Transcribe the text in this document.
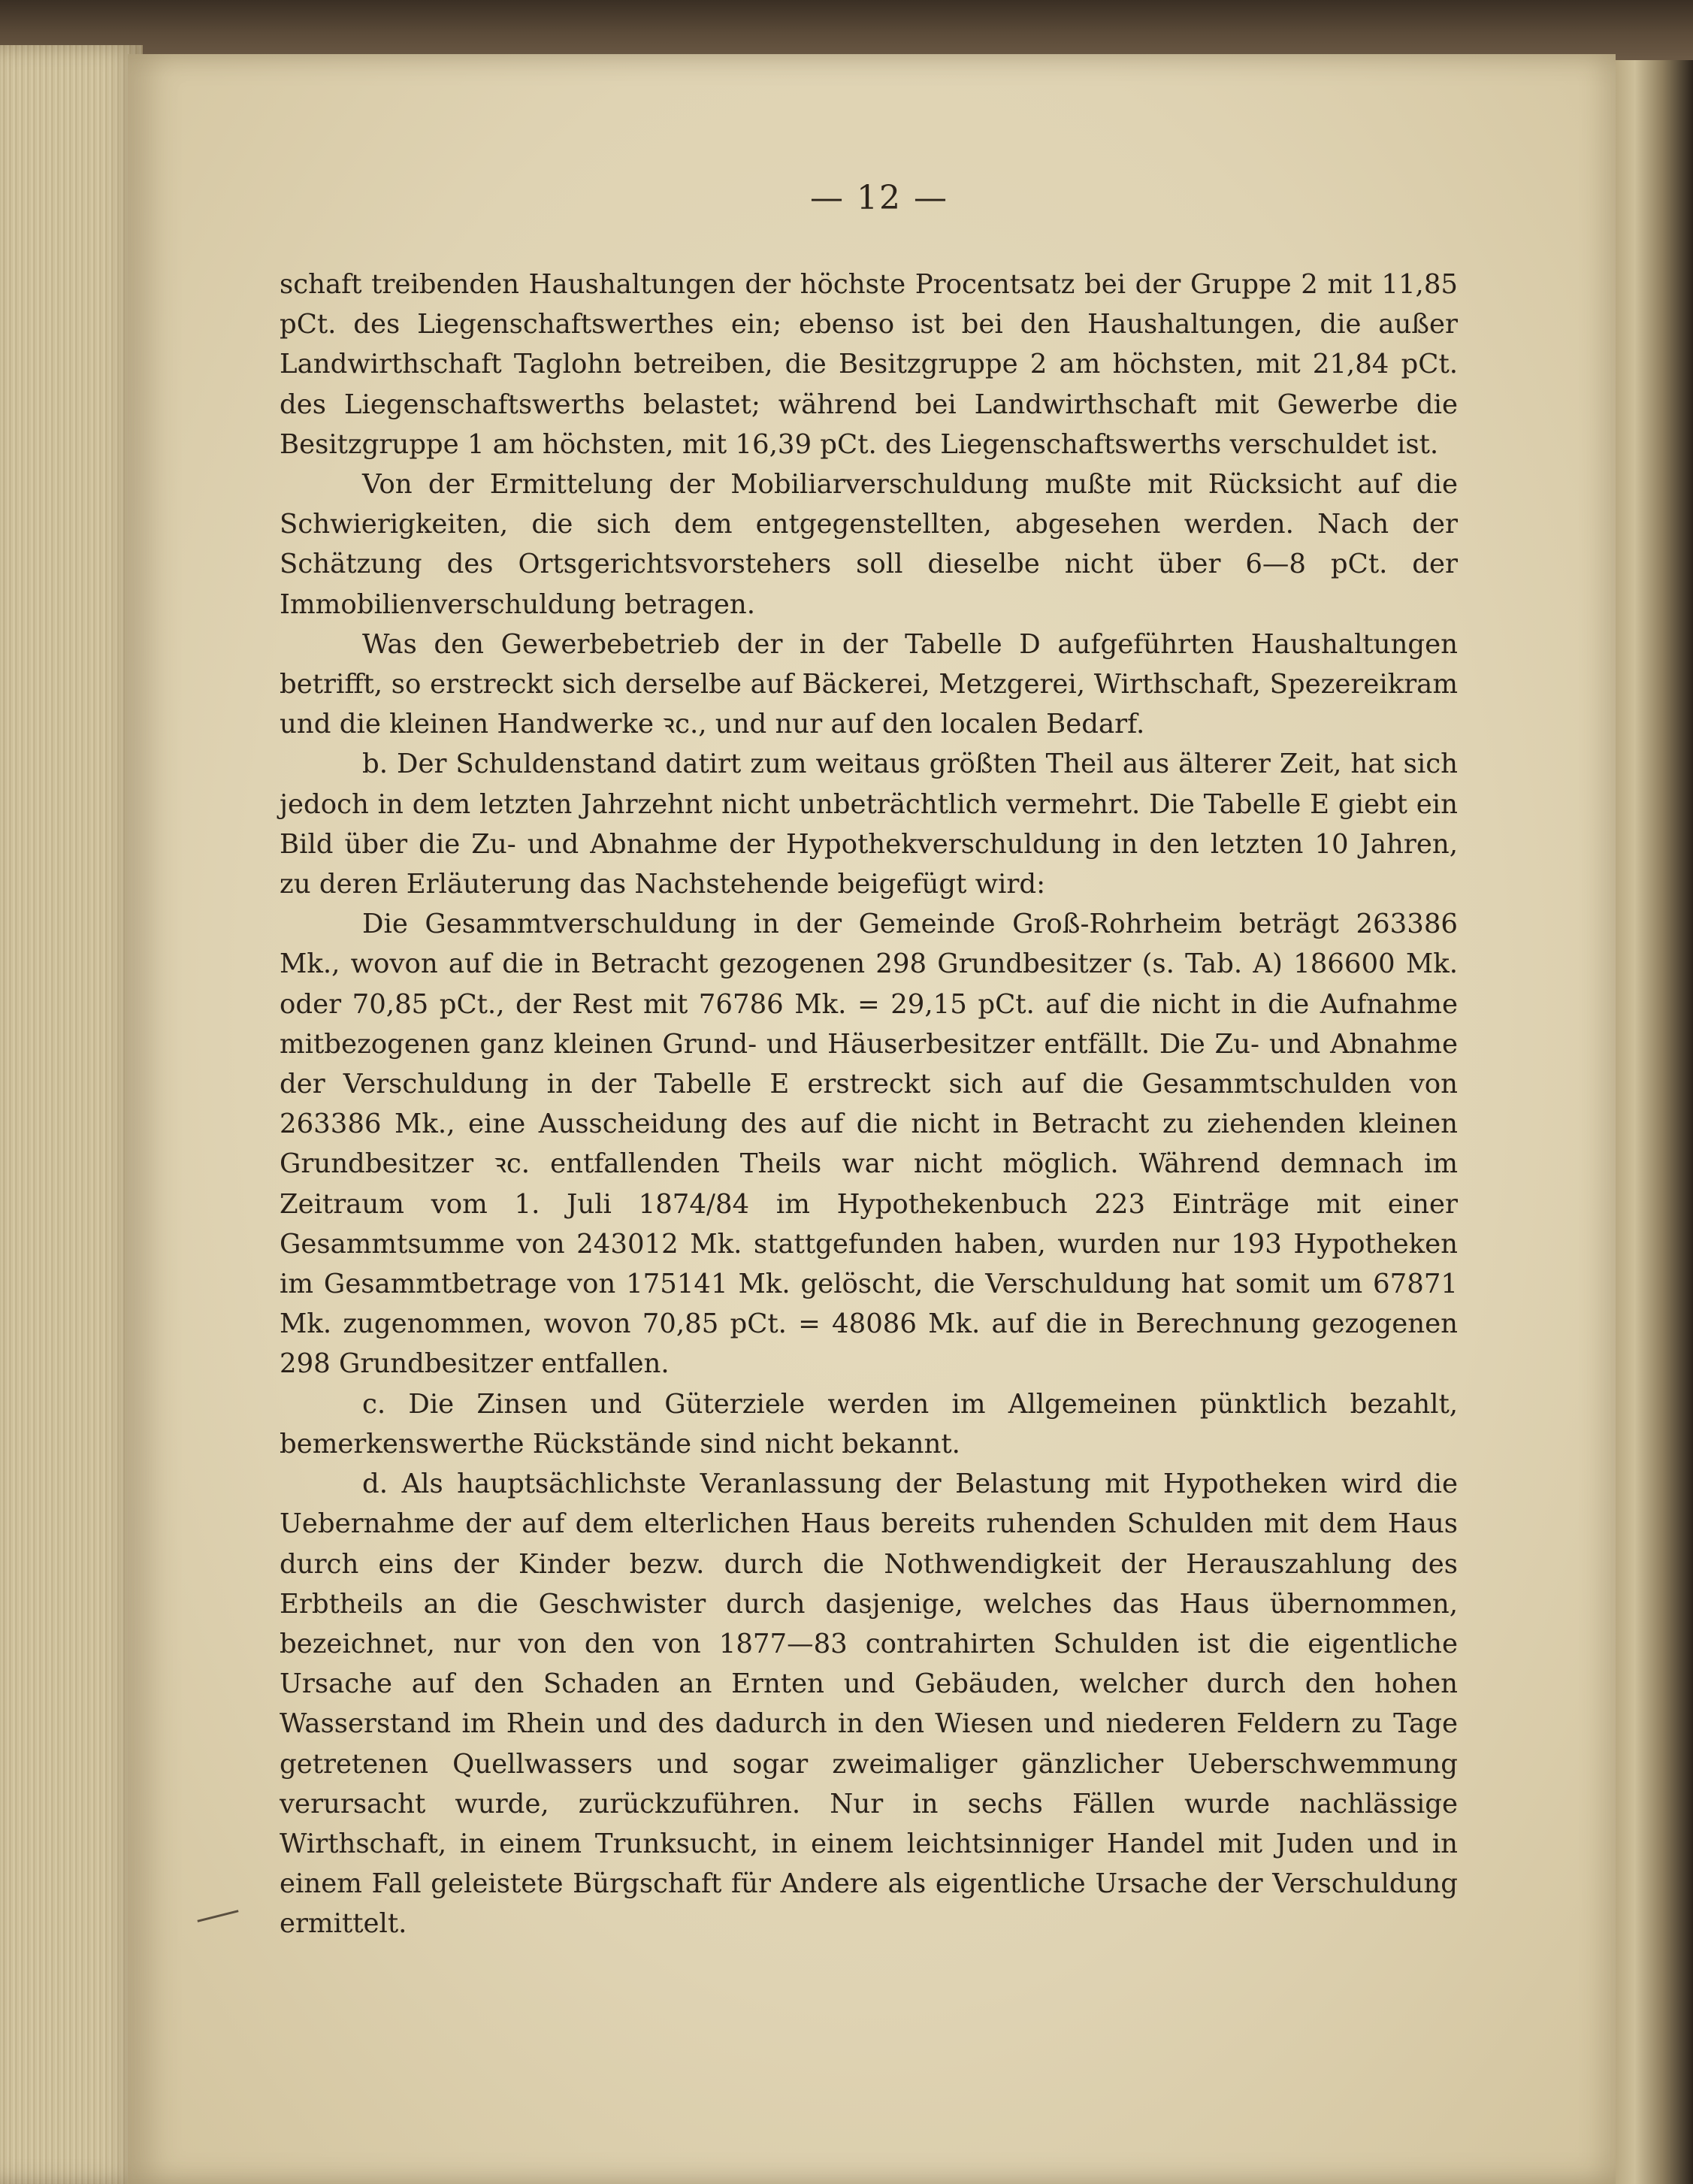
— 12 —

schaft treibenden Haushaltungen der höchste Procentsatz bei der Gruppe 2 mit 11,85 pCt. des Liegenschaftswerthes ein; ebenso ist bei den Haushaltungen, die außer Landwirthschaft Taglohn betreiben, die Besitzgruppe 2 am höchsten, mit 21,84 pCt. des Liegenschaftswerths belastet; während bei Landwirthschaft mit Gewerbe die Besitzgruppe 1 am höchsten, mit 16,39 pCt. des Liegenschaftswerths verschuldet ist.

Von der Ermittelung der Mobiliarverschuldung mußte mit Rücksicht auf die Schwierigkeiten, die sich dem entgegenstellten, abgesehen werden. Nach der Schätzung des Ortsgerichtsvorstehers soll dieselbe nicht über 6—8 pCt. der Immobilienverschuldung betragen.

Was den Gewerbebetrieb der in der Tabelle D aufgeführten Haushaltungen betrifft, so erstreckt sich derselbe auf Bäckerei, Metzgerei, Wirthschaft, Spezereikram und die kleinen Handwerke ꝛc., und nur auf den localen Bedarf.

b. Der Schuldenstand datirt zum weitaus größten Theil aus älterer Zeit, hat sich jedoch in dem letzten Jahrzehnt nicht unbeträchtlich vermehrt. Die Tabelle E giebt ein Bild über die Zu- und Abnahme der Hypothekverschuldung in den letzten 10 Jahren, zu deren Erläuterung das Nachstehende beigefügt wird:

Die Gesammtverschuldung in der Gemeinde Groß-Rohrheim beträgt 263386 Mk., wovon auf die in Betracht gezogenen 298 Grundbesitzer (s. Tab. A) 186600 Mk. oder 70,85 pCt., der Rest mit 76786 Mk. = 29,15 pCt. auf die nicht in die Aufnahme mitbezogenen ganz kleinen Grund- und Häuserbesitzer entfällt. Die Zu- und Abnahme der Verschuldung in der Tabelle E erstreckt sich auf die Gesammtschulden von 263386 Mk., eine Ausscheidung des auf die nicht in Betracht zu ziehenden kleinen Grundbesitzer ꝛc. entfallenden Theils war nicht möglich. Während demnach im Zeitraum vom 1. Juli 1874/84 im Hypothekenbuch 223 Einträge mit einer Gesammtsumme von 243012 Mk. stattgefunden haben, wurden nur 193 Hypotheken im Gesammtbetrage von 175141 Mk. gelöscht, die Verschuldung hat somit um 67871 Mk. zugenommen, wovon 70,85 pCt. = 48086 Mk. auf die in Berechnung gezogenen 298 Grundbesitzer entfallen.

c. Die Zinsen und Güterziele werden im Allgemeinen pünktlich bezahlt, bemerkenswerthe Rückstände sind nicht bekannt.

d. Als hauptsächlichste Veranlassung der Belastung mit Hypotheken wird die Uebernahme der auf dem elterlichen Haus bereits ruhenden Schulden mit dem Haus durch eins der Kinder bezw. durch die Nothwendigkeit der Herauszahlung des Erbtheils an die Geschwister durch dasjenige, welches das Haus übernommen, bezeichnet, nur von den von 1877—83 contrahirten Schulden ist die eigentliche Ursache auf den Schaden an Ernten und Gebäuden, welcher durch den hohen Wasserstand im Rhein und des dadurch in den Wiesen und niederen Feldern zu Tage getretenen Quellwassers und sogar zweimaliger gänzlicher Ueberschwemmung verursacht wurde, zurückzuführen. Nur in sechs Fällen wurde nachlässige Wirthschaft, in einem Trunksucht, in einem leichtsinniger Handel mit Juden und in einem Fall geleistete Bürgschaft für Andere als eigentliche Ursache der Verschuldung ermittelt.
